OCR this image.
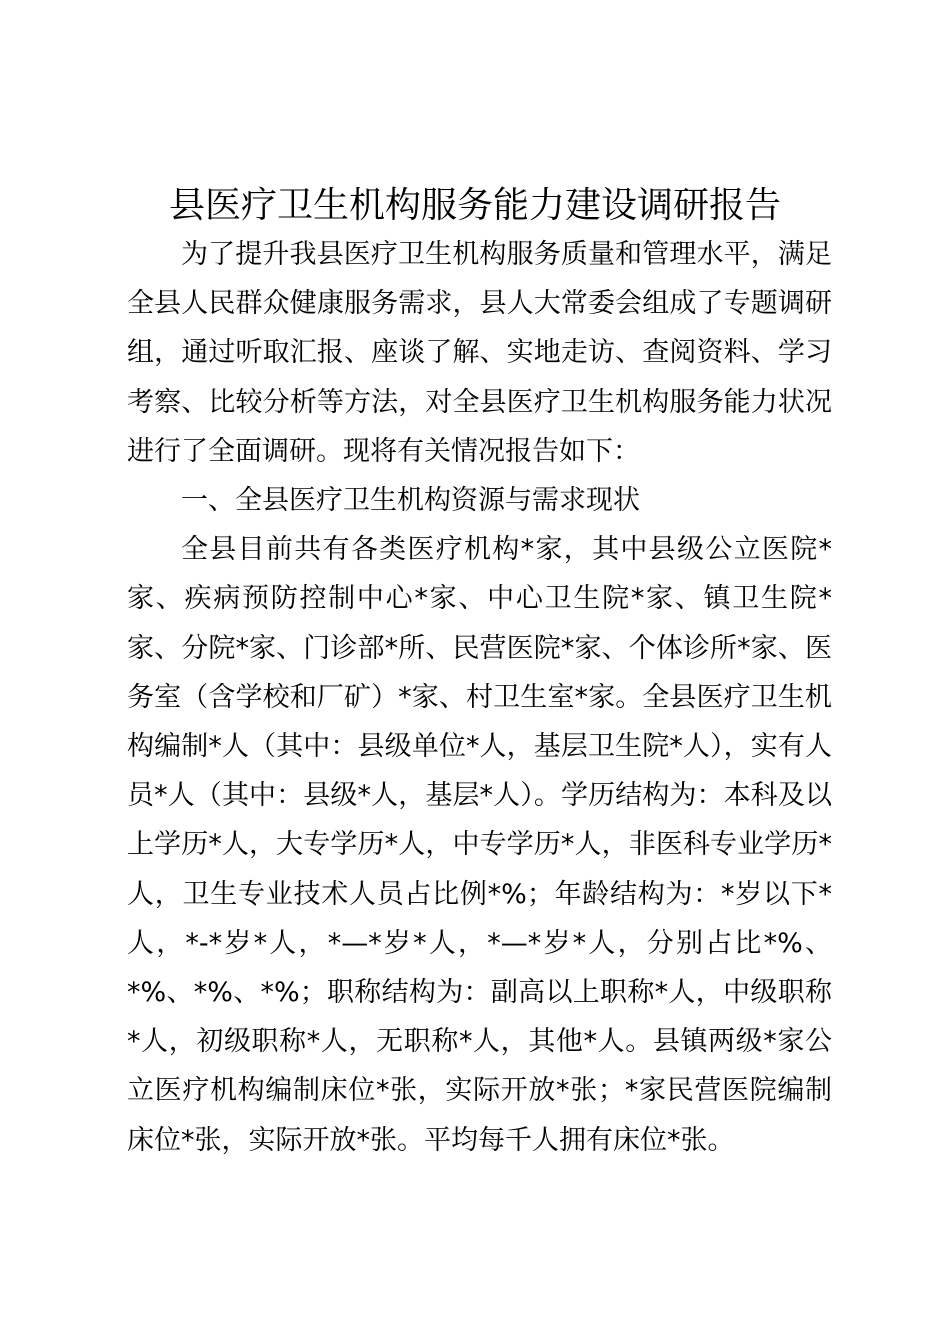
县医疗卫生机构服务能力建设调研报告

为了提升我县医疗卫生机构服务质量和管理水平，满足全县人民群众健康服务需求，县人大常委会组成了专题调研组，通过听取汇报、座谈了解、实地走访、查阅资料、学习考察、比较分析等方法，对全县医疗卫生机构服务能力状况进行了全面调研。现将有关情况报告如下：

一、全县医疗卫生机构资源与需求现状

全县目前共有各类医疗机构*家，其中县级公立医院*家、疾病预防控制中心*家、中心卫生院*家、镇卫生院*家、分院*家、门诊部*所、民营医院*家、个体诊所*家、医务室（含学校和厂矿）*家、村卫生室*家。全县医疗卫生机构编制*人（其中：县级单位*人，基层卫生院*人），实有人员*人（其中：县级*人，基层*人）。学历结构为：本科及以上学历*人，大专学历*人，中专学历*人，非医科专业学历*人，卫生专业技术人员占比例*%；年龄结构为：*岁以下*人，*-*岁*人，*—*岁*人，*—*岁*人，分别占比*%、*%、*%、*%；职称结构为：副高以上职称*人，中级职称*人，初级职称*人，无职称*人，其他*人。县镇两级*家公立医疗机构编制床位*张，实际开放*张；*家民营医院编制床位*张，实际开放*张。平均每千人拥有床位*张。
